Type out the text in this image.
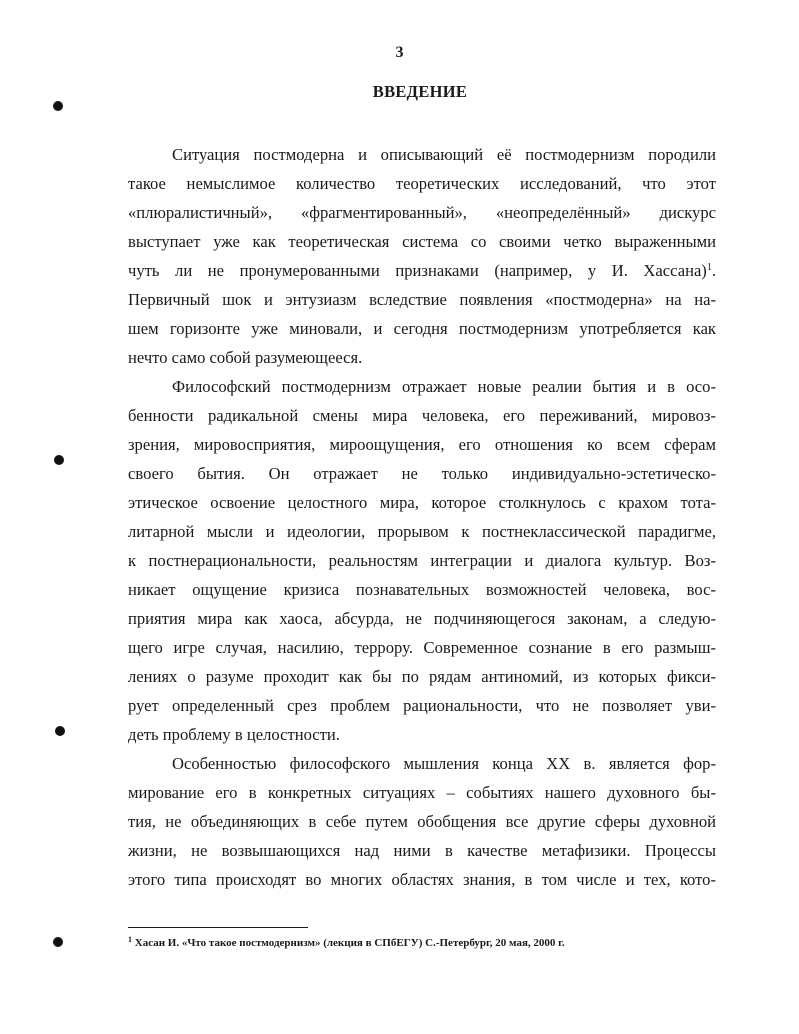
3
ВВЕДЕНИЕ
Ситуация постмодерна и описывающий её постмодернизм породили
такое немыслимое количество теоретических исследований, что этот
«плюралистичный», «фрагментированный», «неопределённый» дискурс
выступает уже как теоретическая система со своими четко выраженными
чуть ли не пронумерованными признаками (например, у И. Хассана)$^1$.
Первичный шок и энтузиазм вследствие появления «постмодерна» на на-
шем горизонте уже миновали, и сегодня постмодернизм употребляется как
нечто само собой разумеющееся.
Философский постмодернизм отражает новые реалии бытия и в осо-
бенности радикальной смены мира человека, его переживаний, мировоз-
зрения, мировосприятия, мироощущения, его отношения ко всем сферам
своего бытия. Он отражает не только индивидуально-эстетическо-
этическое освоение целостного мира, которое столкнулось с крахом тота-
литарной мысли и идеологии, прорывом к постнеклассической парадигме,
к постнерациональности, реальностям интеграции и диалога культур. Воз-
никает ощущение кризиса познавательных возможностей человека, вос-
приятия мира как хаоса, абсурда, не подчиняющегося законам, а следую-
щего игре случая, насилию, террору. Современное сознание в его размыш-
лениях о разуме проходит как бы по рядам антиномий, из которых фикси-
рует определенный срез проблем рациональности, что не позволяет уви-
деть проблему в целостности.
Особенностью философского мышления конца XX в. является фор-
мирование его в конкретных ситуациях – событиях нашего духовного бы-
тия, не объединяющих в себе путем обобщения все другие сферы духовной
жизни, не возвышающихся над ними в качестве метафизики. Процессы
этого типа происходят во многих областях знания, в том числе и тех, кото-
$^1$ Хасан И. «Что такое постмодернизм» (лекция в СПбЕГУ) С.-Петербург, 20 мая, 2000 г.
